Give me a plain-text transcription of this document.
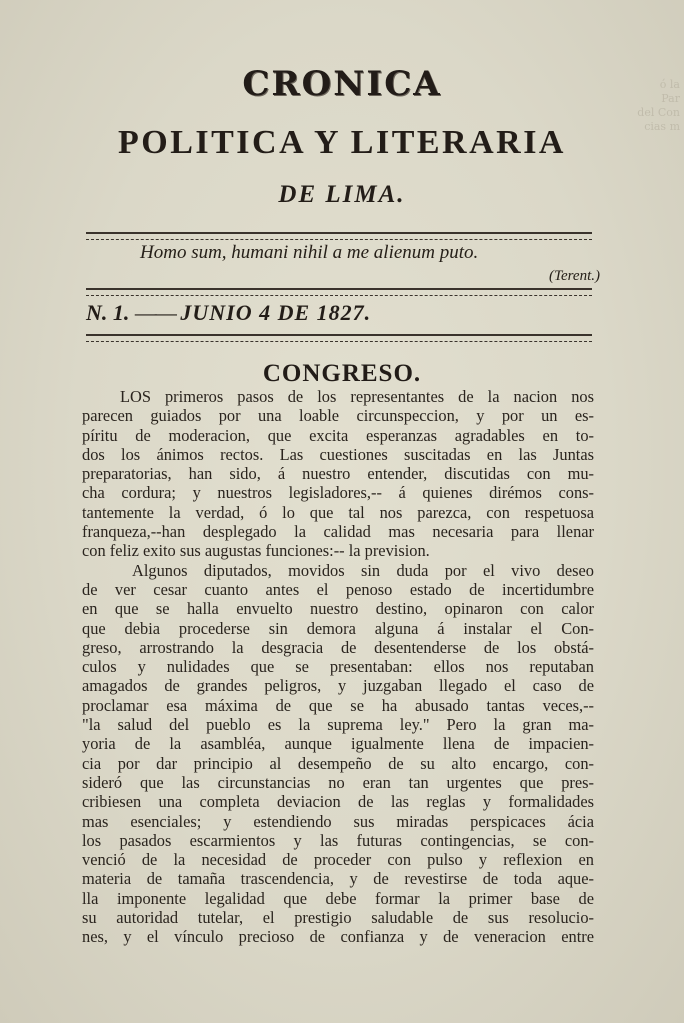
ó la
Par
del Con
cias m
CRONICA
POLITICA Y LITERARIA
DE LIMA.
Homo sum, humani nihil a me alienum puto.
(Terent.)
N. 1. —— JUNIO 4 DE 1827.
CONGRESO.
LOS primeros pasos de los representantes de la nacion nos
parecen guiados por una loable circunspeccion, y por un es-
píritu de moderacion, que excita esperanzas agradables en to-
dos los ánimos rectos. Las cuestiones suscitadas en las Juntas
preparatorias, han sido, á nuestro entender, discutidas con mu-
cha cordura; y nuestros legisladores,-- á quienes dirémos cons-
tantemente la verdad, ó lo que tal nos parezca, con respetuosa
franqueza,--han desplegado la calidad mas necesaria para llenar
con feliz exito sus augustas funciones:-- la prevision.
Algunos diputados, movidos sin duda por el vivo deseo
de ver cesar cuanto antes el penoso estado de incertidumbre
en que se halla envuelto nuestro destino, opinaron con calor
que debia procederse sin demora alguna á instalar el Con-
greso, arrostrando la desgracia de desentenderse de los obstá-
culos y nulidades que se presentaban: ellos nos reputaban
amagados de grandes peligros, y juzgaban llegado el caso de
proclamar esa máxima de que se ha abusado tantas veces,--
"la salud del pueblo es la suprema ley." Pero la gran ma-
yoria de la asambléa, aunque igualmente llena de impacien-
cia por dar principio al desempeño de su alto encargo, con-
sideró que las circunstancias no eran tan urgentes que pres-
cribiesen una completa deviacion de las reglas y formalidades
mas esenciales; y estendiendo sus miradas perspicaces ácia
los pasados escarmientos y las futuras contingencias, se con-
venció de la necesidad de proceder con pulso y reflexion en
materia de tamaña trascendencia, y de revestirse de toda aque-
lla imponente legalidad que debe formar la primer base de
su autoridad tutelar, el prestigio saludable de sus resolucio-
nes, y el vínculo precioso de confianza y de veneracion entre
